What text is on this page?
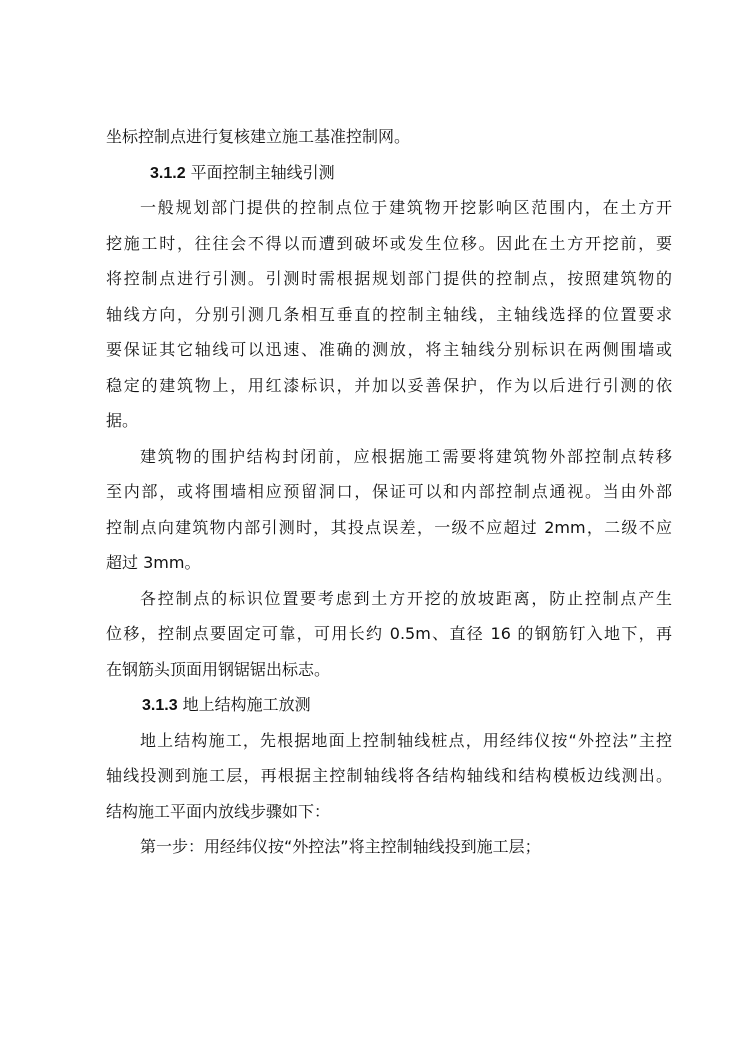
坐标控制点进行复核建立施工基准控制网。
3.1.2 平面控制主轴线引测
一般规划部门提供的控制点位于建筑物开挖影响区范围内，在土方开
挖施工时，往往会不得以而遭到破坏或发生位移。因此在土方开挖前，要
将控制点进行引测。引测时需根据规划部门提供的控制点，按照建筑物的
轴线方向，分别引测几条相互垂直的控制主轴线，主轴线选择的位置要求
要保证其它轴线可以迅速、准确的测放，将主轴线分别标识在两侧围墙或
稳定的建筑物上，用红漆标识，并加以妥善保护，作为以后进行引测的依
据。
建筑物的围护结构封闭前，应根据施工需要将建筑物外部控制点转移
至内部，或将围墙相应预留洞口，保证可以和内部控制点通视。当由外部
控制点向建筑物内部引测时，其投点误差，一级不应超过 2mm，二级不应
超过 3mm。
各控制点的标识位置要考虑到土方开挖的放坡距离，防止控制点产生
位移，控制点要固定可靠，可用长约 0.5m、直径 16 的钢筋钉入地下，再
在钢筋头顶面用钢锯锯出标志。
3.1.3 地上结构施工放测
地上结构施工，先根据地面上控制轴线桩点，用经纬仪按“外控法”主控
轴线投测到施工层，再根据主控制轴线将各结构轴线和结构模板边线测出。
结构施工平面内放线步骤如下：
第一步：用经纬仪按“外控法”将主控制轴线投到施工层；
